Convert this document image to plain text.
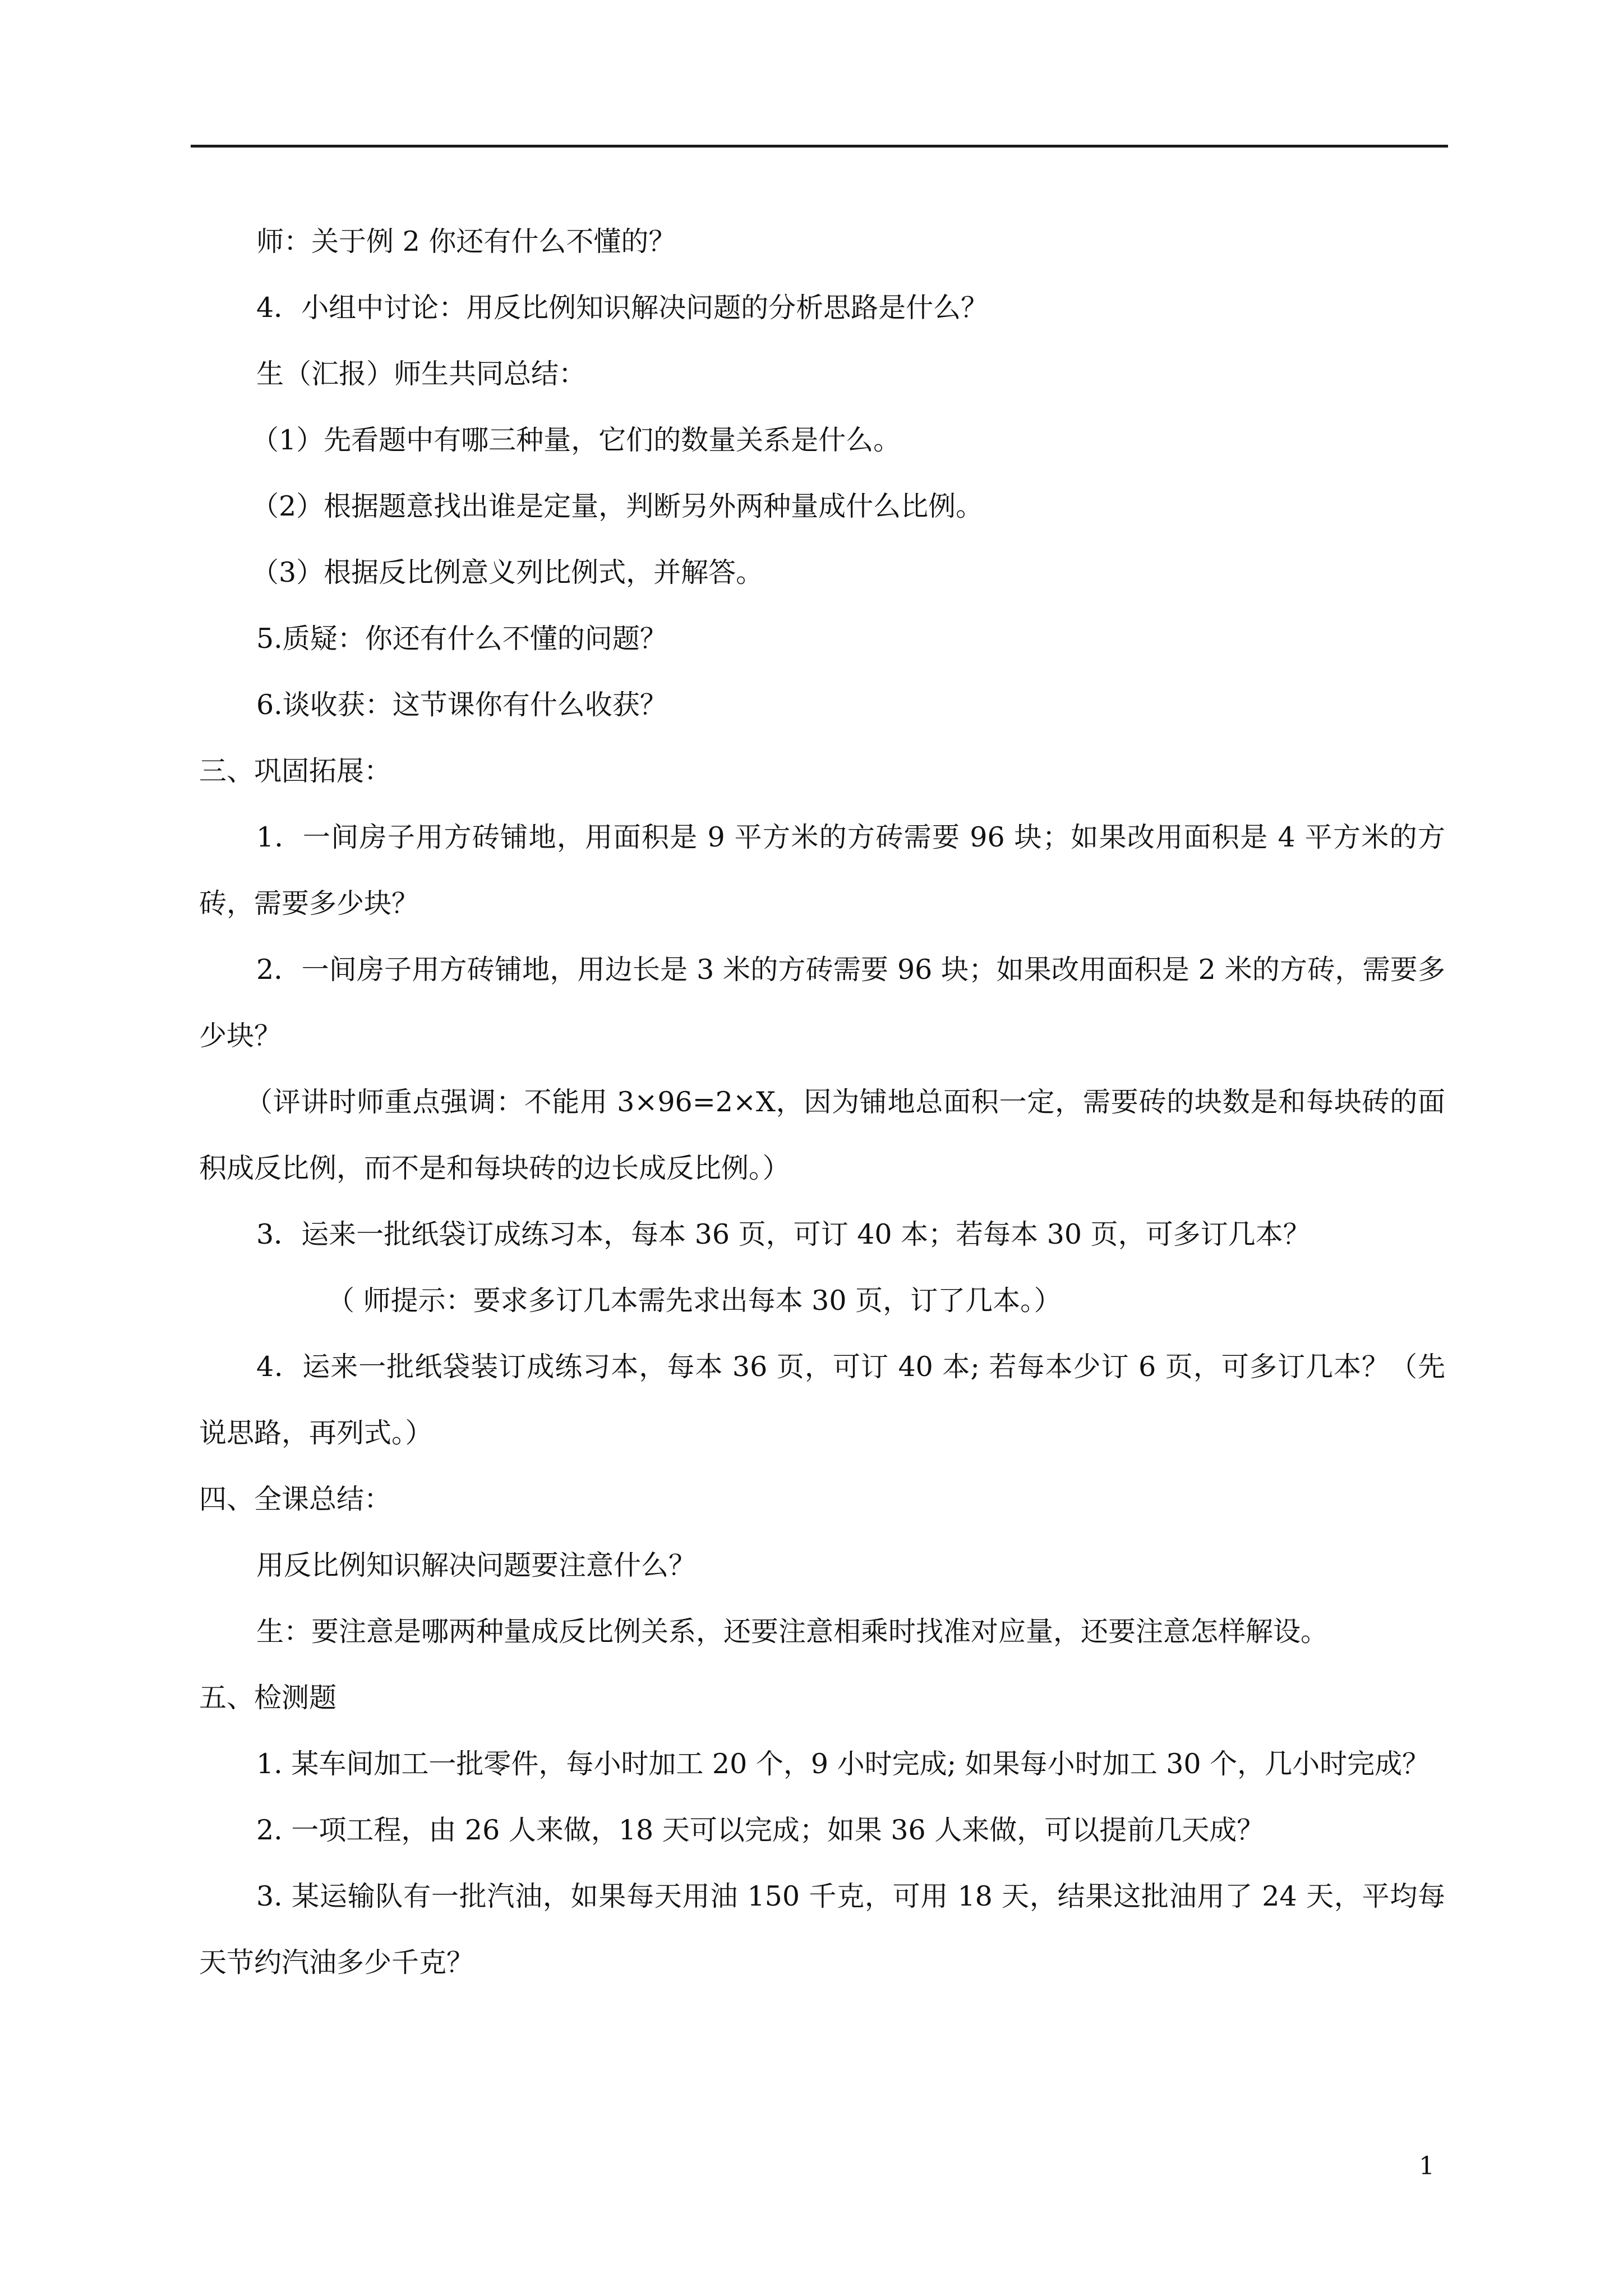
师：关于例 2 你还有什么不懂的？
4．小组中讨论：用反比例知识解决问题的分析思路是什么？
生（汇报）师生共同总结：
（1）先看题中有哪三种量，它们的数量关系是什么。
（2）根据题意找出谁是定量，判断另外两种量成什么比例。
（3）根据反比例意义列比例式，并解答。
5.质疑：你还有什么不懂的问题？
6.谈收获：这节课你有什么收获？
三、巩固拓展：
1．一间房子用方砖铺地，用面积是 9 平方米的方砖需要 96 块；如果改用面积是 4 平方米的方砖，需要多少块？
2．一间房子用方砖铺地，用边长是 3 米的方砖需要 96 块；如果改用面积是 2 米的方砖，需要多少块？
（评讲时师重点强调：不能用 3×96=2×X，因为铺地总面积一定，需要砖的块数是和每块砖的面积成反比例，而不是和每块砖的边长成反比例。）
3．运来一批纸袋订成练习本，每本 36 页，可订 40 本；若每本 30 页，可多订几本？
（ 师提示：要求多订几本需先求出每本 30 页，订了几本。）
4．运来一批纸袋装订成练习本，每本 36 页，可订 40 本; 若每本少订 6 页，可多订几本？（先说思路，再列式。）
四、全课总结：
用反比例知识解决问题要注意什么？
生：要注意是哪两种量成反比例关系，还要注意相乘时找准对应量，还要注意怎样解设。
五、检测题
1. 某车间加工一批零件，每小时加工 20 个，9 小时完成; 如果每小时加工 30 个，几小时完成？
2. 一项工程，由 26 人来做，18 天可以完成；如果 36 人来做，可以提前几天成？
3. 某运输队有一批汽油，如果每天用油 150 千克，可用 18 天，结果这批油用了 24 天，平均每天节约汽油多少千克？
1
